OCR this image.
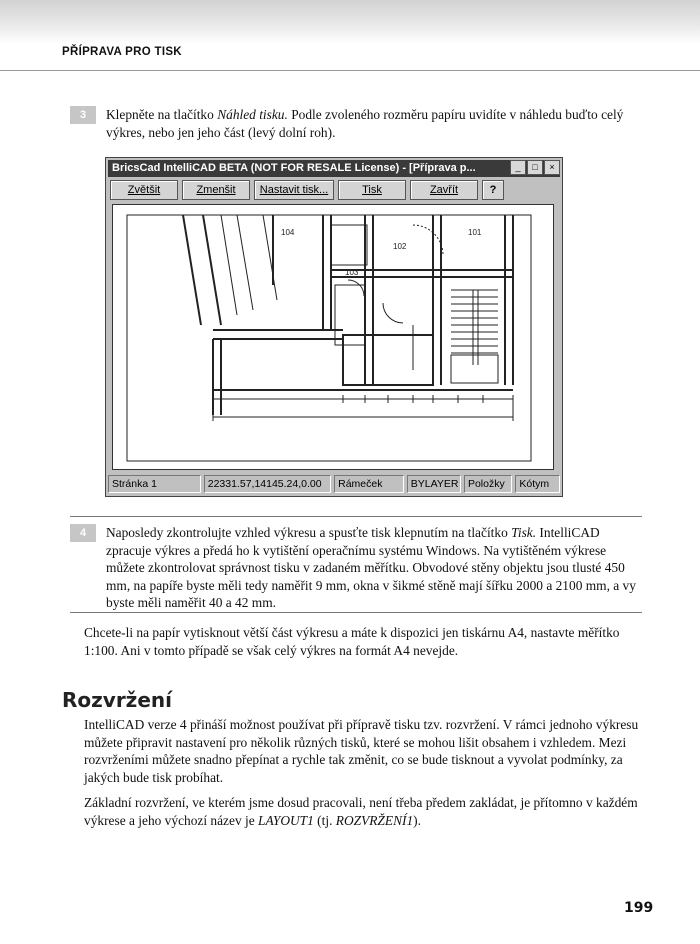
PŘÍPRAVA PRO TISK
3	Klepněte na tlačítko Náhled tisku. Podle zvoleného rozměru papíru uvidíte v náhledu buďto celý výkres, nebo jen jeho část (levý dolní roh).
BricsCad IntelliCAD BETA (NOT FOR RESALE License) - [Příprava p...	_	□	×
Zvětšit	Zmenšit	Nastavit tisk...	Tisk	Zavřít	?
104
102
103
101
Stránka 1	22331.57,14145.24,0.00	Rámeček	BYLAYER Položky	Kótym
4	Naposledy zkontrolujte vzhled výkresu a spusťte tisk klepnutím na tlačítko Tisk. IntelliCAD zpracuje výkres a předá ho k vytištění operačnímu systému Windows. Na vytištěném výkrese můžete zkontrolovat správnost tisku v zadaném měřítku. Obvodové stěny objektu jsou tlusté 450 mm, na papíře byste měli tedy naměřit 9 mm, okna v šikmé stěně mají šířku 2000 a 2100 mm, a vy byste měli naměřit 40 a 42 mm.
Chcete-li na papír vytisknout větší část výkresu a máte k dispozici jen tiskárnu A4, nastavte měřítko 1:100. Ani v tomto případě se však celý výkres na formát A4 nevejde.
Rozvržení
IntelliCAD verze 4 přináší možnost používat při přípravě tisku tzv. rozvržení. V rámci jednoho výkresu můžete připravit nastavení pro několik různých tisků, které se mohou lišit obsahem i vzhledem. Mezi rozvrženími můžete snadno přepínat a rychle tak změnit, co se bude tisknout a vyvolat podmínky, za jakých bude tisk probíhat.
Základní rozvržení, ve kterém jsme dosud pracovali, není třeba předem zakládat, je přítomno v každém výkrese a jeho výchozí název je LAYOUT1 (tj. ROZVRŽENÍ1).
199
